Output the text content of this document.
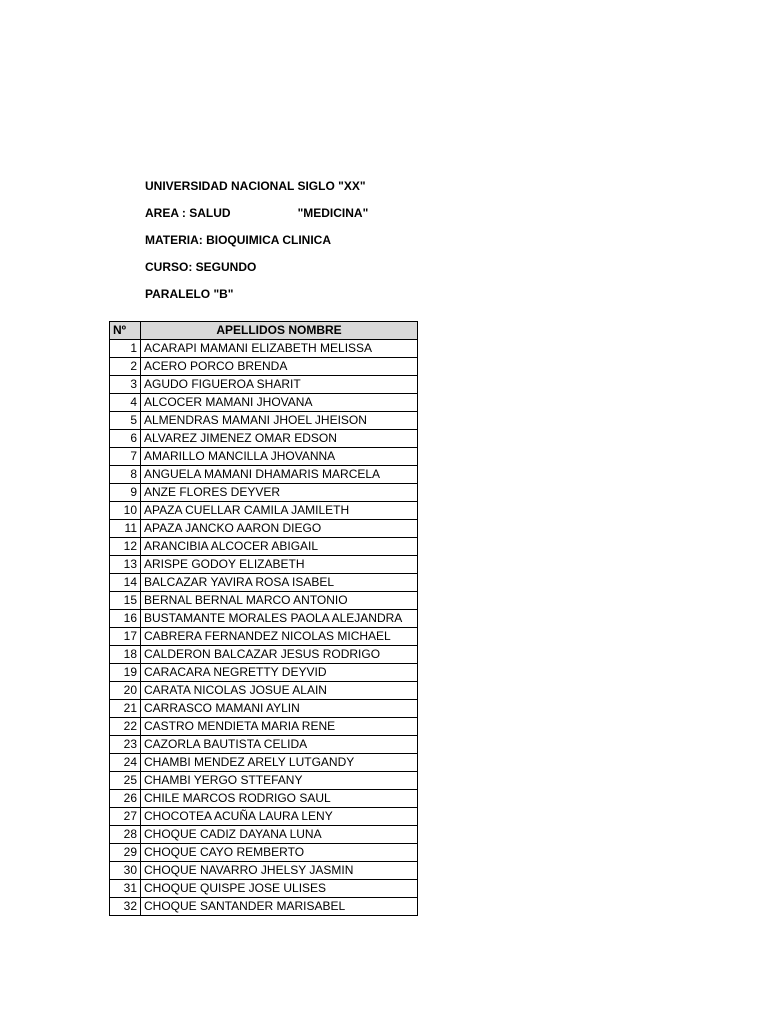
UNIVERSIDAD NACIONAL SIGLO "XX"
AREA : SALUD	"MEDICINA"
MATERIA: BIOQUIMICA CLINICA
CURSO: SEGUNDO
PARALELO "B"
Nº	APELLIDOS NOMBRE
1	ACARAPI MAMANI ELIZABETH MELISSA
2	ACERO PORCO BRENDA
3	AGUDO FIGUEROA SHARIT
4	ALCOCER MAMANI JHOVANA
5	ALMENDRAS MAMANI JHOEL JHEISON
6	ALVAREZ JIMENEZ OMAR EDSON
7	AMARILLO MANCILLA JHOVANNA
8	ANGUELA MAMANI DHAMARIS MARCELA
9	ANZE FLORES DEYVER
10	APAZA CUELLAR CAMILA JAMILETH
11	APAZA JANCKO AARON DIEGO
12	ARANCIBIA ALCOCER ABIGAIL
13	ARISPE GODOY ELIZABETH
14	BALCAZAR YAVIRA ROSA ISABEL
15	BERNAL BERNAL MARCO ANTONIO
16	BUSTAMANTE MORALES PAOLA ALEJANDRA
17	CABRERA FERNANDEZ NICOLAS MICHAEL
18	CALDERON BALCAZAR JESUS RODRIGO
19	CARACARA NEGRETTY DEYVID
20	CARATA NICOLAS JOSUE ALAIN
21	CARRASCO MAMANI AYLIN
22	CASTRO MENDIETA MARIA RENE
23	CAZORLA BAUTISTA CELIDA
24	CHAMBI MENDEZ ARELY LUTGANDY
25	CHAMBI YERGO STTEFANY
26	CHILE MARCOS RODRIGO SAUL
27	CHOCOTEA ACUÑA LAURA LENY
28	CHOQUE CADIZ DAYANA LUNA
29	CHOQUE CAYO REMBERTO
30	CHOQUE NAVARRO JHELSY JASMIN
31	CHOQUE QUISPE JOSE ULISES
32	CHOQUE SANTANDER MARISABEL
